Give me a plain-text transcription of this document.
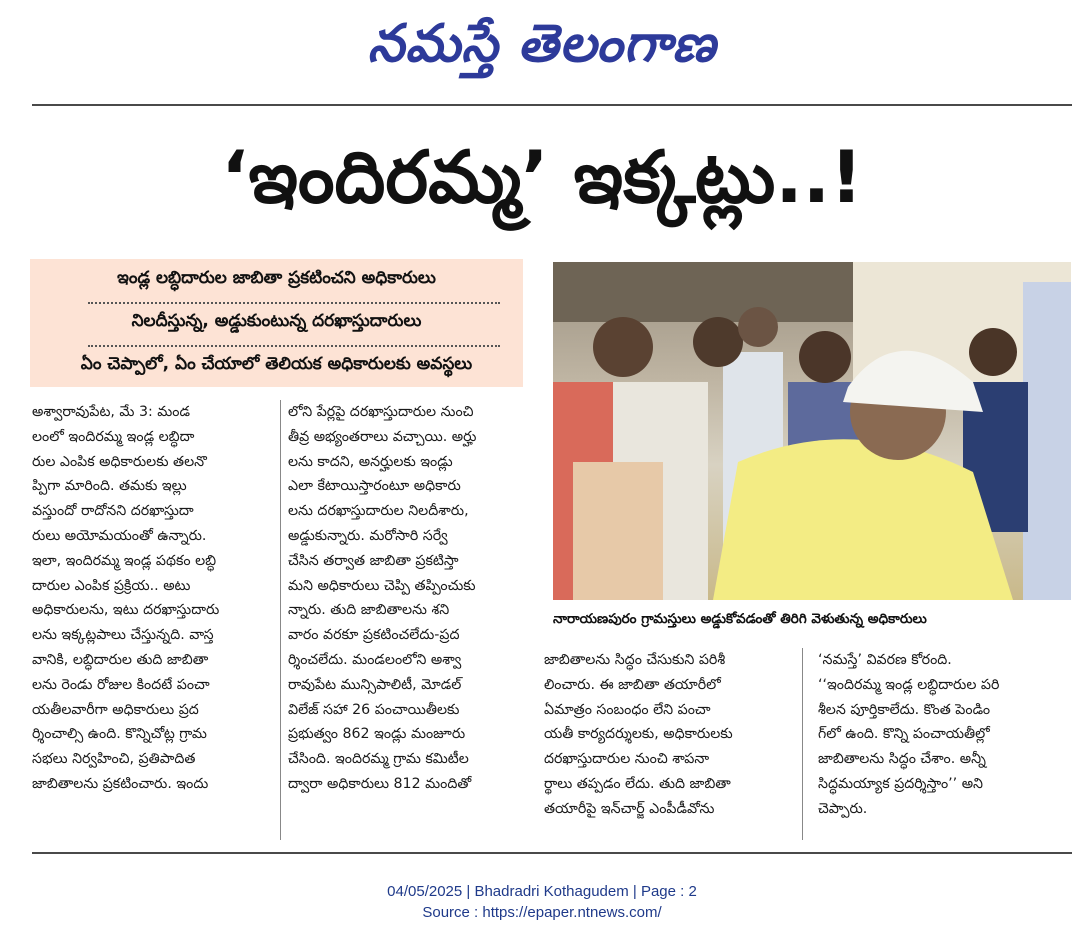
నమస్తే తెలంగాణ
‘ఇందిరమ్మ’ ఇక్కట్లు..!
ఇండ్ల లబ్ధిదారుల జాబితా ప్రకటించని అధికారులు
నిలదీస్తున్న, అడ్డుకుంటున్న దరఖాస్తుదారులు
ఏం చెప్పాలో, ఏం చేయాలో తెలియక అధికారులకు అవస్థలు
అశ్వారావుపేట, మే 3: మండ
లంలో ఇందిరమ్మ ఇండ్ల లబ్ధిదా
రుల ఎంపిక అధికారులకు తలనొ
ప్పిగా మారింది. తమకు ఇల్లు
వస్తుందో రాదోనని దరఖాస్తుదా
రులు అయోమయంతో ఉన్నారు.
ఇలా, ఇందిరమ్మ ఇండ్ల పథకం లబ్ధి
దారుల ఎంపిక ప్రక్రియ.. అటు
అధికారులను, ఇటు దరఖాస్తుదారు
లను ఇక్కట్లపాలు చేస్తున్నది. వాస్త
వానికి, లబ్ధిదారుల తుది జాబితా
లను రెండు రోజుల కిందటే పంచా
యతీలవారీగా అధికారులు ప్రద
ర్శించాల్సి ఉంది. కొన్నిచోట్ల గ్రామ
సభలు నిర్వహించి, ప్రతిపాదిత
జాబితాలను ప్రకటించారు. ఇందు
లోని పేర్లపై దరఖాస్తుదారుల నుంచి
తీవ్ర అభ్యంతరాలు వచ్చాయి. అర్హు
లను కాదని, అనర్హులకు ఇండ్లు
ఎలా కేటాయిస్తారంటూ అధికారు
లను దరఖాస్తుదారుల నిలదీశారు,
అడ్డుకున్నారు. మరోసారి సర్వే
చేసిన తర్వాత జాబితా ప్రకటిస్తా
మని అధికారులు చెప్పి తప్పించుకు
న్నారు. తుది జాబితాలను శని
వారం వరకూ ప్రకటించలేదు-ప్రద
ర్శించలేదు. మండలంలోని అశ్వా
రావుపేట మున్సిపాలిటీ, మోడల్
విలేజ్ సహా 26 పంచాయితీలకు
ప్రభుత్వం 862 ఇండ్లు మంజూరు
చేసింది. ఇందిరమ్మ గ్రామ కమిటీల
ద్వారా అధికారులు 812 మందితో
నారాయణపురం గ్రామస్తులు అడ్డుకోవడంతో తిరిగి వెళుతున్న అధికారులు
జాబితాలను సిద్ధం చేసుకుని పరిశీ
లించారు. ఈ జాబితా తయారీలో
ఏమాత్రం సంబంధం లేని పంచా
యతీ కార్యదర్శులకు, అధికారులకు
దరఖాస్తుదారుల నుంచి శాపనా
ర్థాలు తప్పడం లేదు. తుది జాబితా
తయారీపై ఇన్‌చార్జ్ ఎంపీడీవోను
‘నమస్తే’ వివరణ కోరంది.
‘‘ఇందిరమ్మ ఇండ్ల లబ్ధిదారుల పరి
శీలన పూర్తికాలేదు. కొంత పెండిం
గ్‌లో ఉంది. కొన్ని పంచాయతీల్లో
జాబితాలను సిద్ధం చేశాం. అన్నీ
సిద్ధమయ్యాక ప్రదర్శిస్తాం’’ అని
చెప్పారు.
04/05/2025 | Bhadradri Kothagudem | Page : 2
Source : https://epaper.ntnews.com/
